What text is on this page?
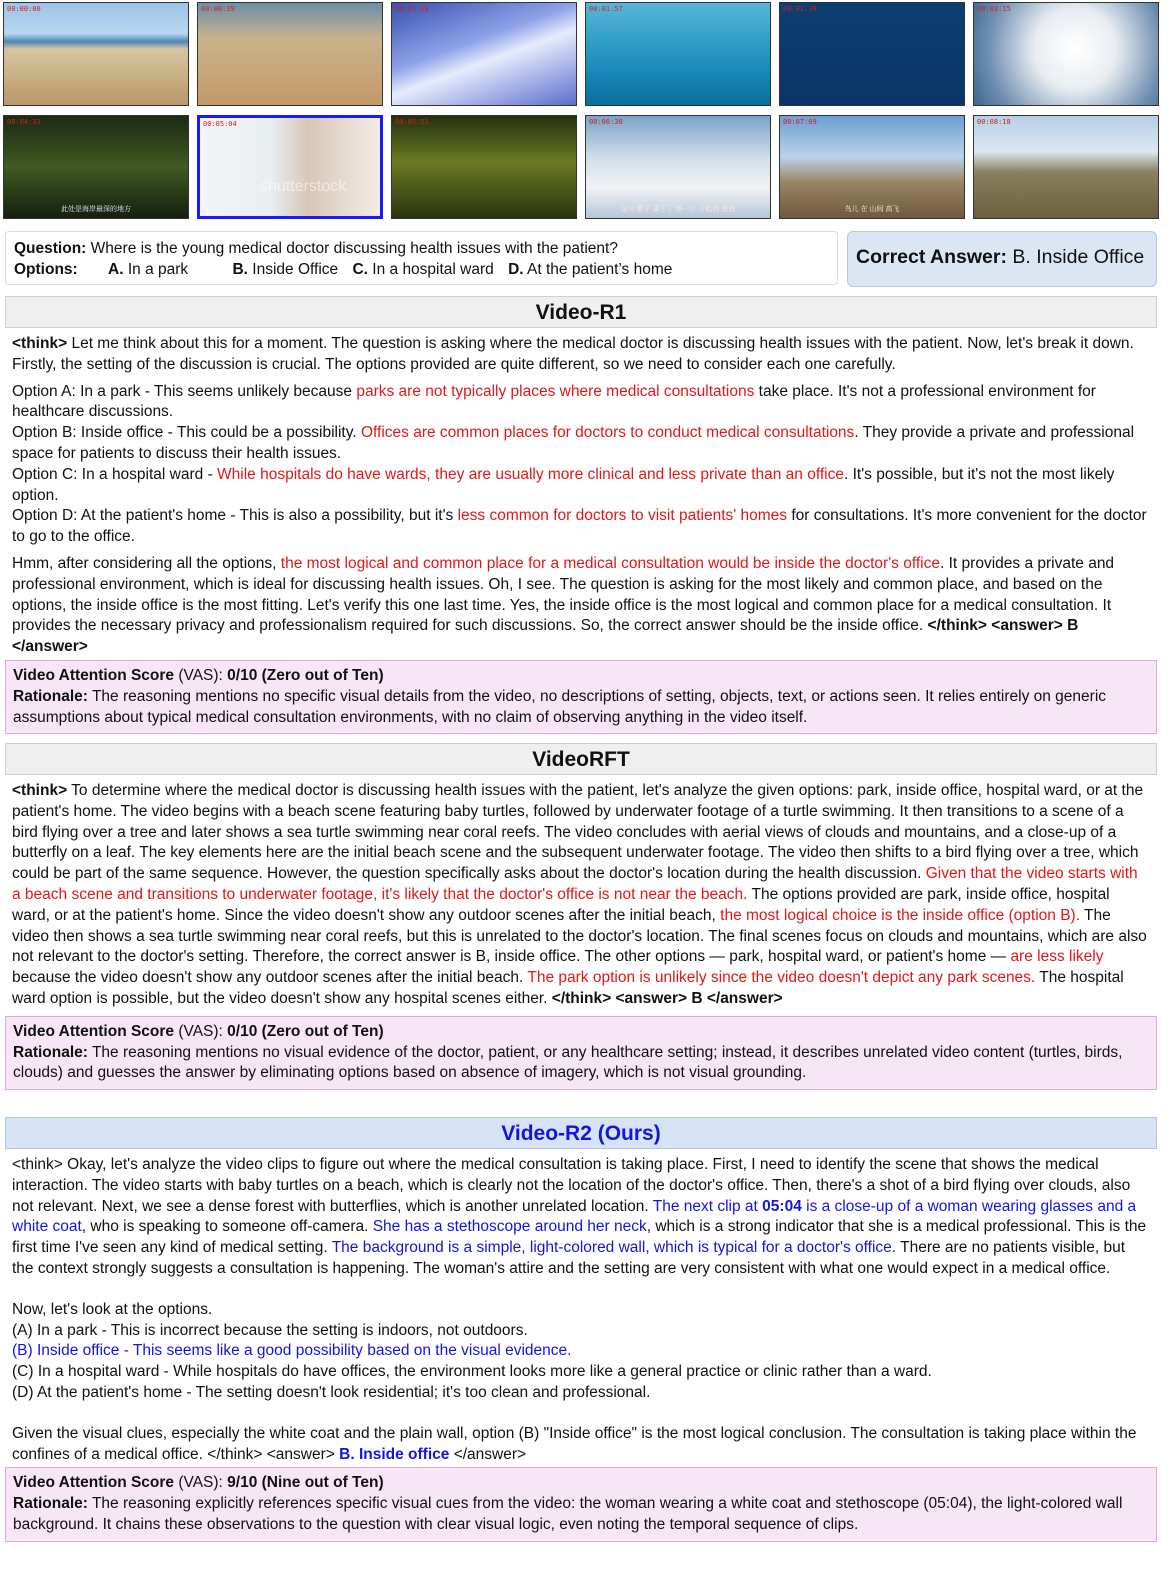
00:00:00	00:00:39	00:01:18	00:01:57	00:02:36	00:03:15
00:04:33
此处是海岸最深的地方
00:05:04
shutterstock
00:05:51	00:06:30
这只 燕子 属于了 第一个 开始的 旅程
00:07:09
鸟儿 在 山间 高飞
00:08:18
Question: Where is the young medical doctor discussing health issues with the patient?
Options: A. In a park	B. Inside Office C. In a hospital ward D. At the patient’s home
Correct Answer: B. Inside Office
Video-R1

<think> Let me think about this for a moment. The question is asking where the medical doctor is discussing health issues with the patient. Now, let's break it down. Firstly, the setting of the discussion is crucial. The options provided are quite different, so we need to consider each one carefully.

Option A: In a park - This seems unlikely because parks are not typically places where medical consultations take place. It's not a professional environment for healthcare discussions.

Option B: Inside office - This could be a possibility. Offices are common places for doctors to conduct medical consultations. They provide a private and professional space for patients to discuss their health issues.

Option C: In a hospital ward - While hospitals do have wards, they are usually more clinical and less private than an office. It's possible, but it's not the most likely option.

Option D: At the patient's home - This is also a possibility, but it's less common for doctors to visit patients' homes for consultations. It's more convenient for the doctor to go to the office.

Hmm, after considering all the options, the most logical and common place for a medical consultation would be inside the doctor's office. It provides a private and professional environment, which is ideal for discussing health issues. Oh, I see. The question is asking for the most likely and common place, and based on the options, the inside office is the most fitting. Let's verify this one last time. Yes, the inside office is the most logical and common place for a medical consultation. It provides the necessary privacy and professionalism required for such discussions. So, the correct answer should be the inside office. </think> <answer> B </answer>

Video Attention Score (VAS): 0/10 (Zero out of Ten)
Rationale: The reasoning mentions no specific visual details from the video, no descriptions of setting, objects, text, or actions seen. It relies entirely on generic assumptions about typical medical consultation environments, with no claim of observing anything in the video itself.
VideoRFT

<think> To determine where the medical doctor is discussing health issues with the patient, let's analyze the given options: park, inside office, hospital ward, or at the patient's home. The video begins with a beach scene featuring baby turtles, followed by underwater footage of a turtle swimming. It then transitions to a scene of a bird flying over a tree and later shows a sea turtle swimming near coral reefs. The video concludes with aerial views of clouds and mountains, and a close-up of a butterfly on a leaf. The key elements here are the initial beach scene and the subsequent underwater footage. The video then shifts to a bird flying over a tree, which could be part of the same sequence. However, the question specifically asks about the doctor's location during the health discussion. Given that the video starts with a beach scene and transitions to underwater footage, it's likely that the doctor's office is not near the beach. The options provided are park, inside office, hospital ward, or at the patient's home. Since the video doesn't show any outdoor scenes after the initial beach, the most logical choice is the inside office (option B). The video then shows a sea turtle swimming near coral reefs, but this is unrelated to the doctor's location. The final scenes focus on clouds and mountains, which are also not relevant to the doctor's setting. Therefore, the correct answer is B, inside office. The other options — park, hospital ward, or patient's home — are less likely because the video doesn't show any outdoor scenes after the initial beach. The park option is unlikely since the video doesn't depict any park scenes. The hospital ward option is possible, but the video doesn't show any hospital scenes either. </think> <answer> B </answer>

Video Attention Score (VAS): 0/10 (Zero out of Ten)
Rationale: The reasoning mentions no visual evidence of the doctor, patient, or any healthcare setting; instead, it describes unrelated video content (turtles, birds, clouds) and guesses the answer by eliminating options based on absence of imagery, which is not visual grounding.
Video-R2 (Ours)

<think> Okay, let's analyze the video clips to figure out where the medical consultation is taking place. First, I need to identify the scene that shows the medical interaction. The video starts with baby turtles on a beach, which is clearly not the location of the doctor's office. Then, there's a shot of a bird flying over clouds, also not relevant. Next, we see a dense forest with butterflies, which is another unrelated location. The next clip at 05:04 is a close-up of a woman wearing glasses and a white coat, who is speaking to someone off-camera. She has a stethoscope around her neck, which is a strong indicator that she is a medical professional. This is the first time I've seen any kind of medical setting. The background is a simple, light-colored wall, which is typical for a doctor's office. There are no patients visible, but the context strongly suggests a consultation is happening. The woman's attire and the setting are very consistent with what one would expect in a medical office.

Now, let's look at the options.

(A) In a park - This is incorrect because the setting is indoors, not outdoors.

(B) Inside office - This seems like a good possibility based on the visual evidence.

(C) In a hospital ward - While hospitals do have offices, the environment looks more like a general practice or clinic rather than a ward.

(D) At the patient's home - The setting doesn't look residential; it's too clean and professional.

Given the visual clues, especially the white coat and the plain wall, option (B) "Inside office" is the most logical conclusion. The consultation is taking place within the confines of a medical office. </think> <answer> B. Inside office </answer>

Video Attention Score (VAS): 9/10 (Nine out of Ten)
Rationale: The reasoning explicitly references specific visual cues from the video: the woman wearing a white coat and stethoscope (05:04), the light-colored wall background. It chains these observations to the question with clear visual logic, even noting the temporal sequence of clips.
